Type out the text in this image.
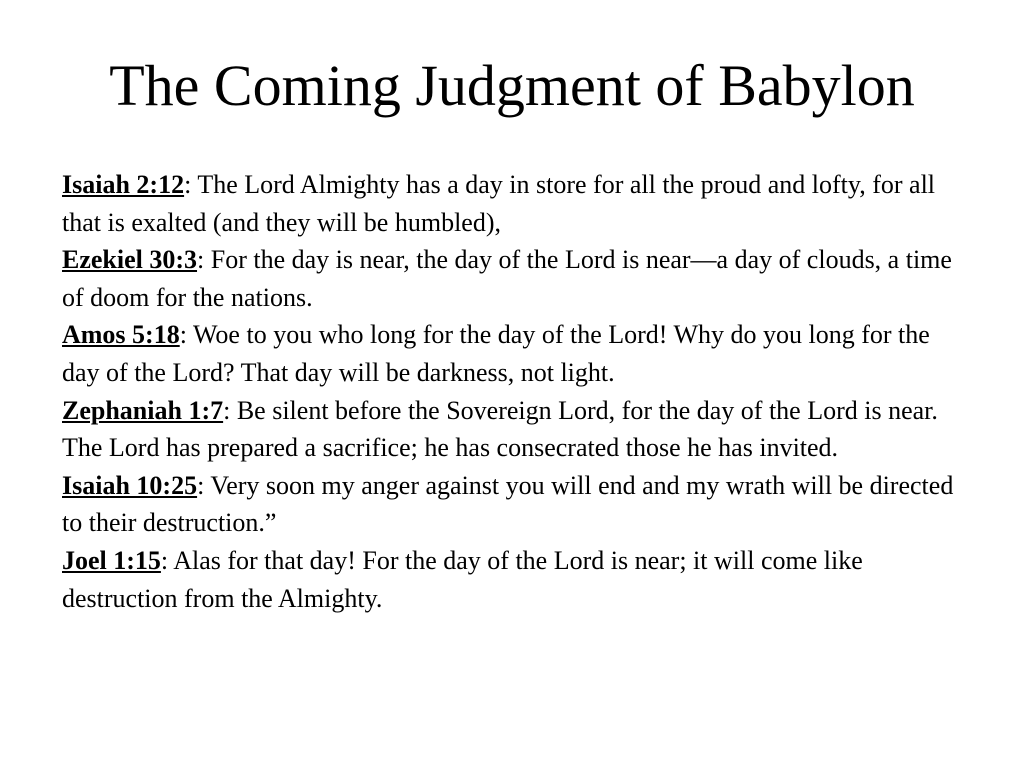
The Coming Judgment of Babylon

Isaiah 2:12: The Lord Almighty has a day in store for all the proud and lofty, for all that is exalted (and they will be humbled),

Ezekiel 30:3: For the day is near, the day of the Lord is near—a day of clouds, a time of doom for the nations.

Amos 5:18: Woe to you who long for the day of the Lord! Why do you long for the day of the Lord? That day will be darkness, not light.

Zephaniah 1:7: Be silent before the Sovereign Lord, for the day of the Lord is near. The Lord has prepared a sacrifice; he has consecrated those he has invited.

Isaiah 10:25: Very soon my anger against you will end and my wrath will be directed to their destruction.”

Joel 1:15: Alas for that day! For the day of the Lord is near; it will come like destruction from the Almighty.
